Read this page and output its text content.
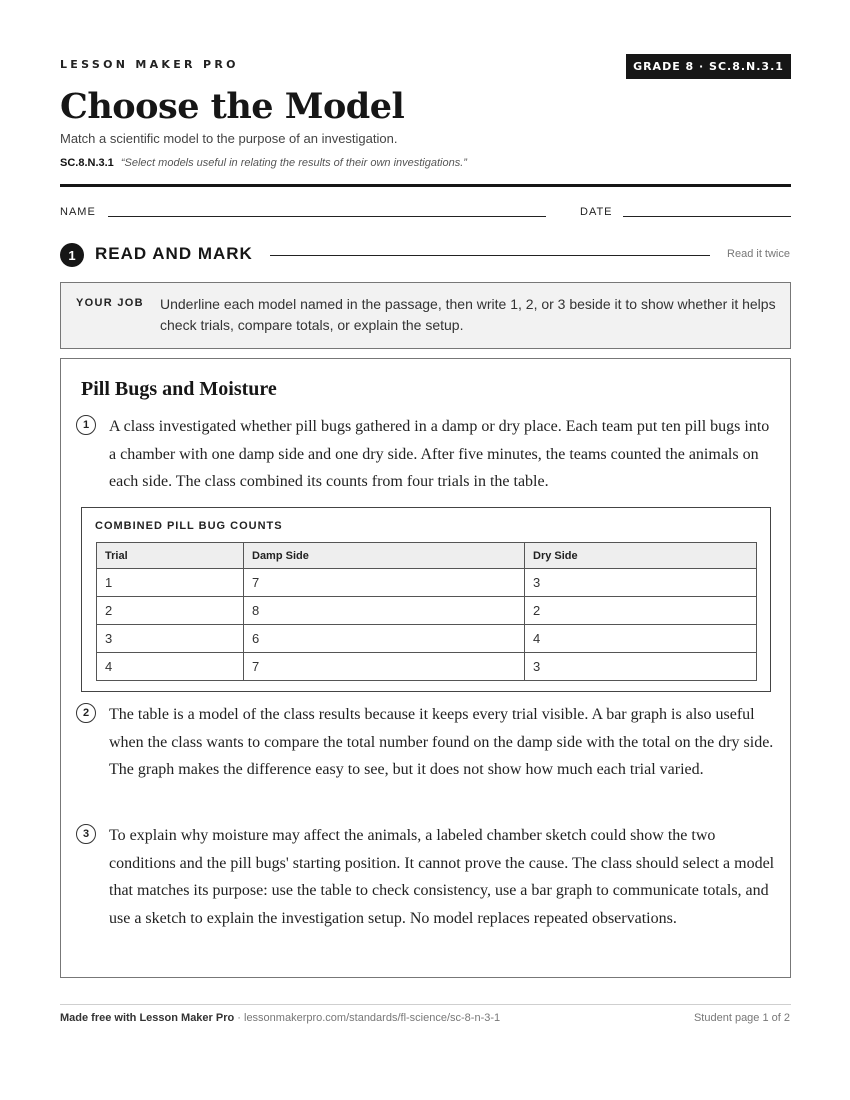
LESSON MAKER PRO	GRADE 8 · SC.8.N.3.1
Choose the Model
Match a scientific model to the purpose of an investigation.
SC.8.N.3.1 “Select models useful in relating the results of their own investigations.”
NAME	DATE
1	READ AND MARK	Read it twice
YOUR JOB Underline each model named in the passage, then write 1, 2, or 3 beside it to show whether it helps check trials, compare totals, or explain the setup.
Pill Bugs and Moisture
1	A class investigated whether pill bugs gathered in a damp or dry place. Each team put ten pill bugs into a chamber with one damp side and one dry side. After five minutes, the teams counted the animals on each side. The class combined its counts from four trials in the table.
COMBINED PILL BUG COUNTS
Trial	Damp Side	Dry Side
1	7	3
2	8	2
3	6	4
4	7	3
2	The table is a model of the class results because it keeps every trial visible. A bar graph is also useful when the class wants to compare the total number found on the damp side with the total on the dry side. The graph makes the difference easy to see, but it does not show how much each trial varied.
3	To explain why moisture may affect the animals, a labeled chamber sketch could show the two conditions and the pill bugs' starting position. It cannot prove the cause. The class should select a model that matches its purpose: use the table to check consistency, use a bar graph to communicate totals, and use a sketch to explain the investigation setup. No model replaces repeated observations.
Made free with Lesson Maker Pro · lessonmakerpro.com/standards/fl-science/sc-8-n-3-1	Student page 1 of 2
